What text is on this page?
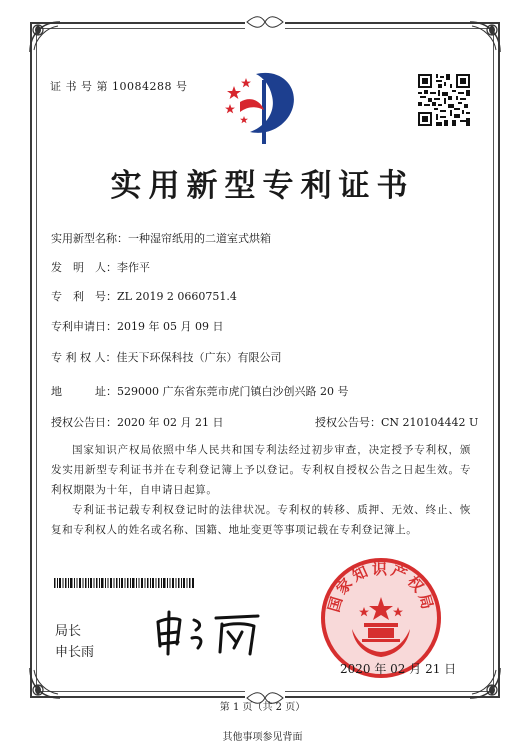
证 书 号 第 10084288 号
实用新型专利证书
实用新型名称：一种湿帘纸用的二道室式烘箱
发　明　人：李作平
专　利　号：ZL 2019 2 0660751.4
专利申请日：2019 年 05 月 09 日
专 利 权 人：佳天下环保科技（广东）有限公司
地　　　址：529000 广东省东莞市虎门镇白沙创兴路 20 号
授权公告日：2020 年 02 月 21 日	授权公告号：CN 210104442 U
国家知识产权局依照中华人民共和国专利法经过初步审查，决定授予专利权，颁发实用新型专利证书并在专利登记簿上予以登记。专利权自授权公告之日起生效。专利权期限为十年，自申请日起算。
专利证书记载专利权登记时的法律状况。专利权的转移、质押、无效、终止、恢复和专利权人的姓名或名称、国籍、地址变更等事项记载在专利登记簿上。
局长
申长雨
国家知识产权局
2020 年 02 月 21 日
第 1 页（共 2 页）
其他事项参见背面
